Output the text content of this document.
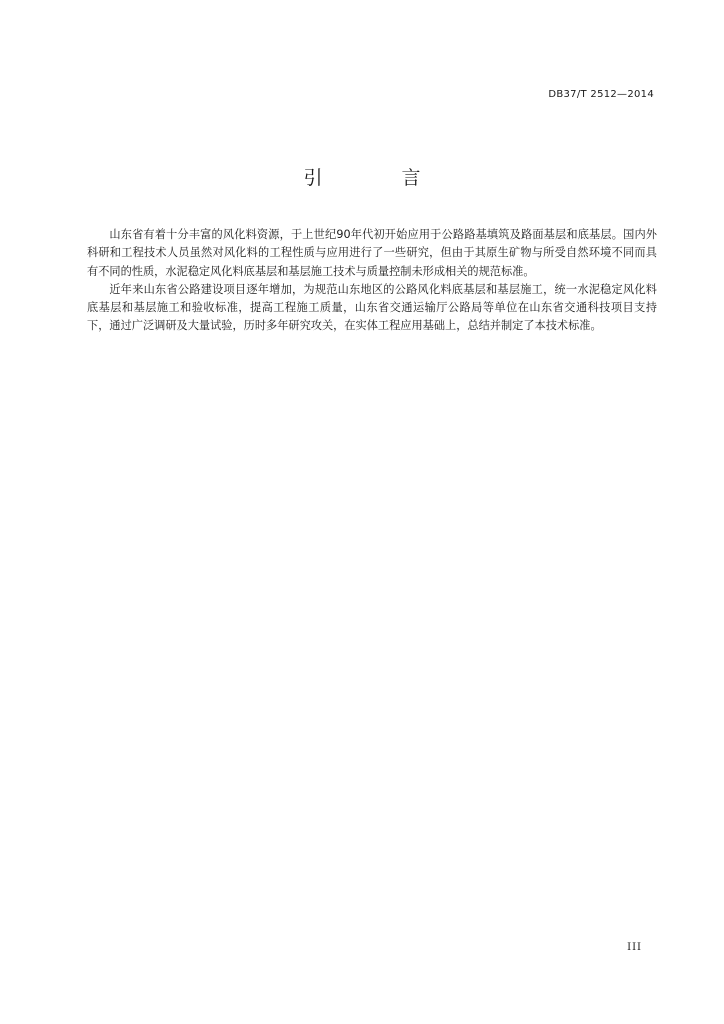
DB37/T 2512—2014
引　言

山东省有着十分丰富的风化料资源，于上世纪90年代初开始应用于公路路基填筑及路面基层和底基层。国内外科研和工程技术人员虽然对风化料的工程性质与应用进行了一些研究，但由于其原生矿物与所受自然环境不同而具有不同的性质，水泥稳定风化料底基层和基层施工技术与质量控制未形成相关的规范标准。

近年来山东省公路建设项目逐年增加，为规范山东地区的公路风化料底基层和基层施工，统一水泥稳定风化料底基层和基层施工和验收标准，提高工程施工质量，山东省交通运输厅公路局等单位在山东省交通科技项目支持下，通过广泛调研及大量试验，历时多年研究攻关，在实体工程应用基础上，总结并制定了本技术标准。

III
